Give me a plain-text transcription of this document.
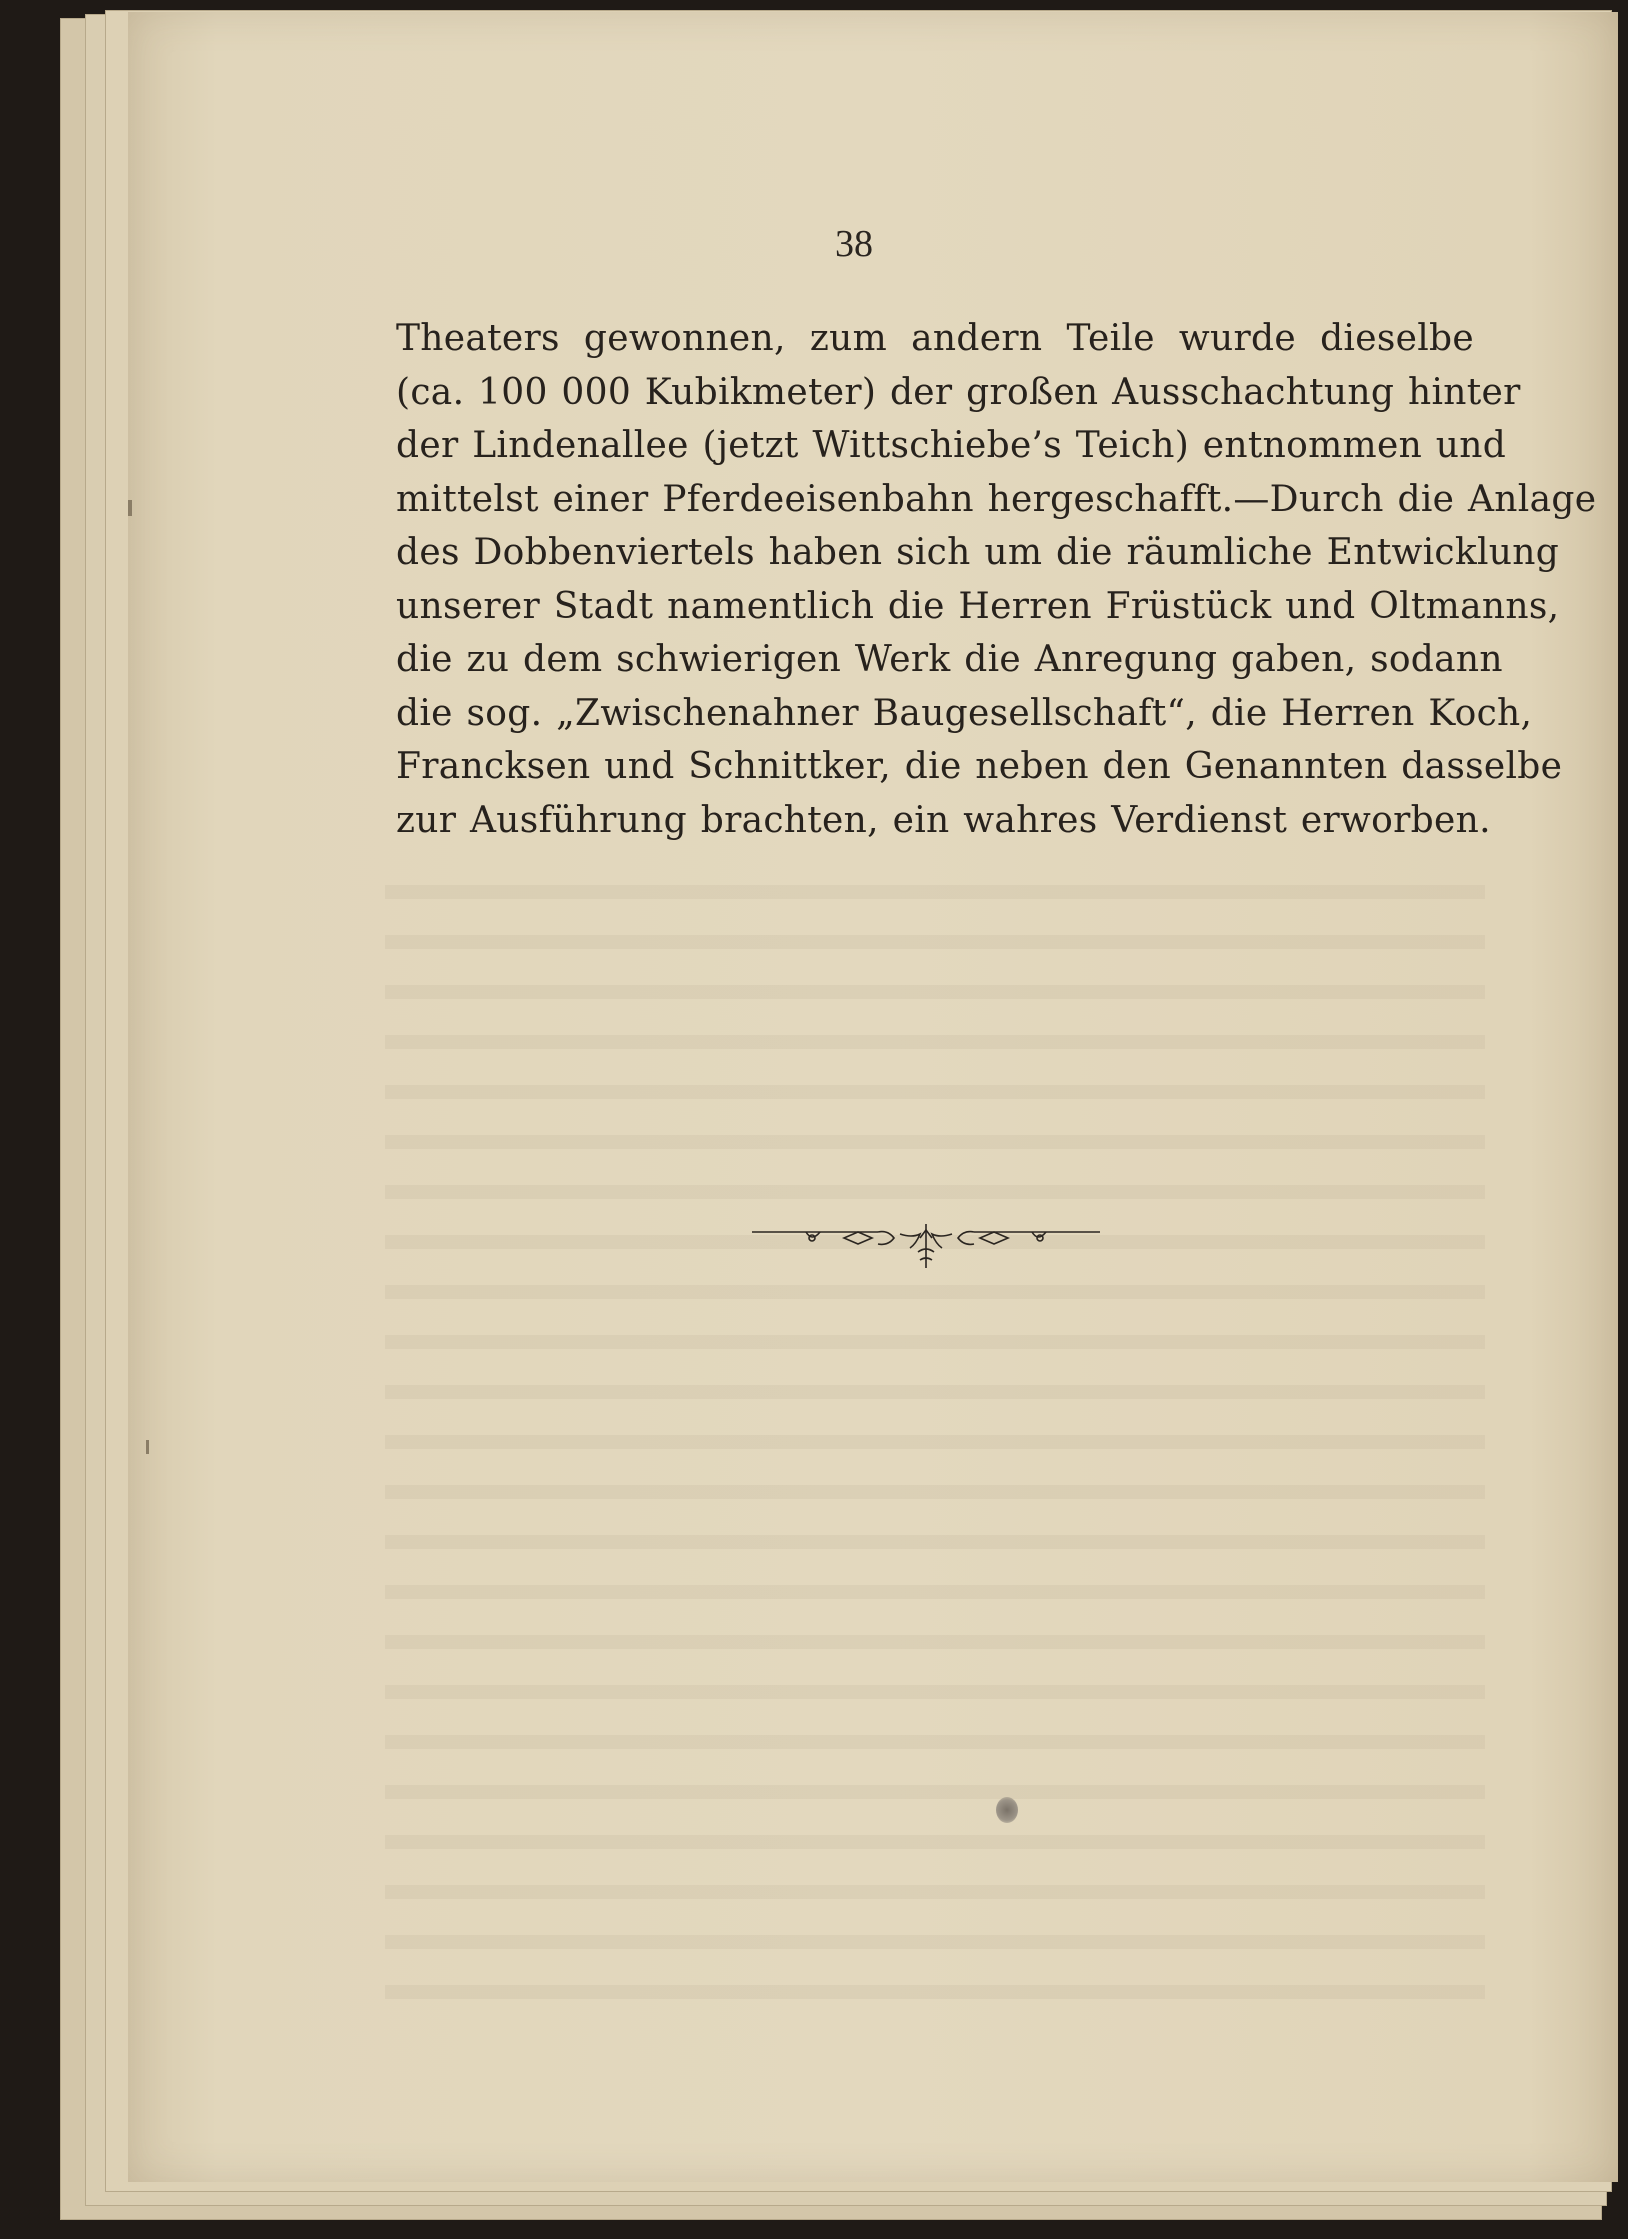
38
Theaters gewonnen, zum andern Teile wurde dieselbe
(ca. 100 000 Kubikmeter) der großen Ausschachtung hinter
der Lindenallee (jetzt Wittschiebe’s Teich) entnommen und
mittelst einer Pferdeeisenbahn hergeschafft.—Durch die Anlage
des Dobbenviertels haben sich um die räumliche Entwicklung
unserer Stadt namentlich die Herren Früstück und Oltmanns,
die zu dem schwierigen Werk die Anregung gaben, sodann
die sog. „Zwischenahner Baugesellschaft“, die Herren Koch,
Francksen und Schnittker, die neben den Genannten dasselbe
zur Ausführung brachten, ein wahres Verdienst erworben.
